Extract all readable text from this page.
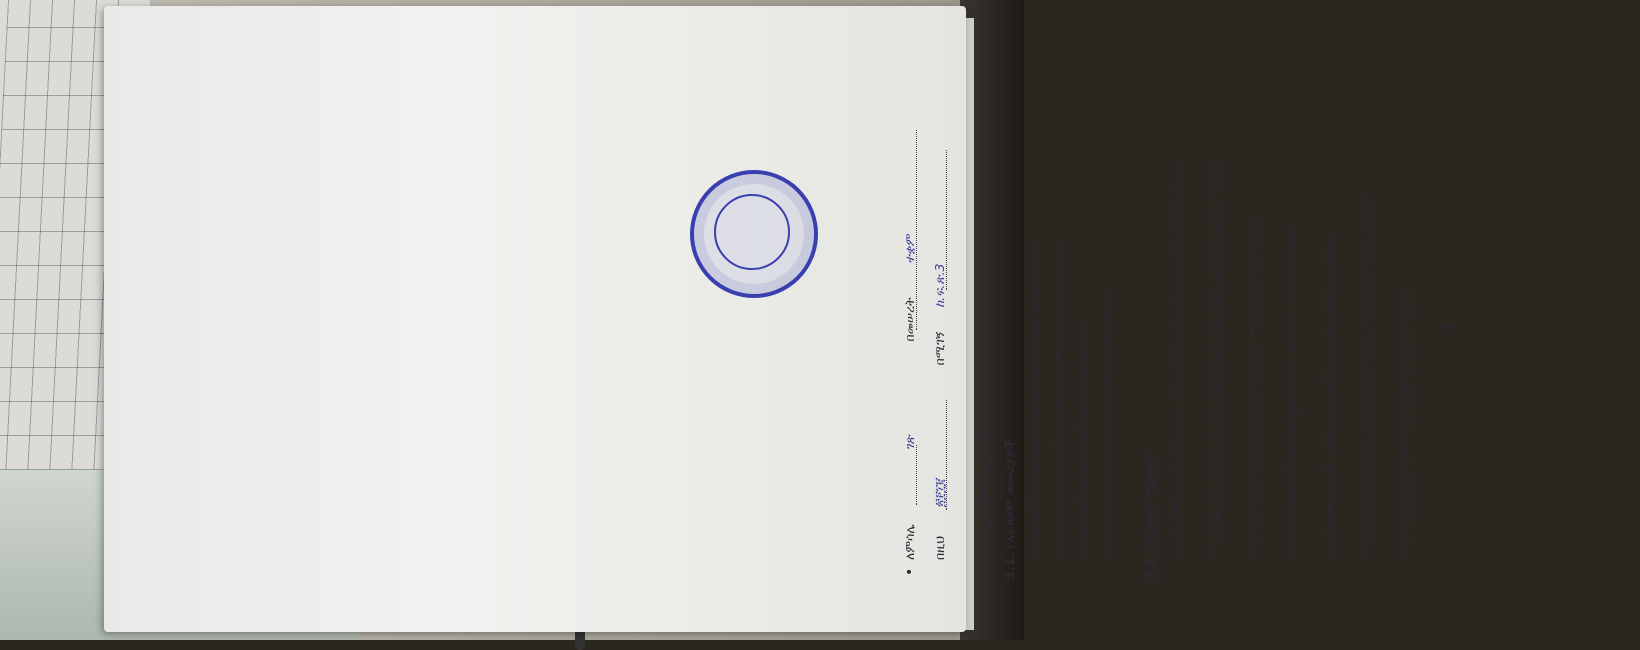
• ለምሳሌ ገጽ በመሠረት ተቋም
በዚህ ፳፻፲፪ በሚገኝ ከ.ፍ.ጽ.3
3. የሥራ አፈጻጸም መመሪያዎች 3.1. የአፈጻጸም መመሪያዎች • ውሳኔዎችን በጊዜ ገደቡ ማስተላለፍ፣ ድምፅ ያለው መረጃ ማቅረብ • የተሰጡትን ኃላፊነቶች በመረዳት መፈጸም፣ በአግባቡ ስራ መስራት • ከደንበኞች እና ከሠራተኞች ጋር ተባብሮ መሥራት • የሥራ ሂደትን በመከታተል ውጤታማ አፈጻጸም ማሳየት 3.2. የአፈጻጸም ግዴታዎች • የደንበኞችን ጥያቄዎች በወቅቱ ማስተናገድ እና በአግባቡ መመዝገብ፣ ምላሽ መስጠት • የተሰጡትን ሥራዎች በጥራት፣ በወቅቱ እና በተቀመጠው መስፈርት መሰረት ማከናወን • የሥራ መረጃዎችን በአግባቡ በመያዝ ሪፖርት ማቅረብ፣ ክትትል ማድረግ • ከሥራ ባልደረቦች ጋር ተቀናጅቶ መሥራት እና የሥራ ዲሲፕሊን ማክበር • የተቋሙን ንብረት በአግባቡ መጠቀምና መጠበቅ፣ ብክነትን መከላከል • የተቀመጡትን ደንቦችና መመሪያዎች በማክበር ሥራውን በታማኝነት መፈጸም • የሥራ አፈጻጸም ግምገማ በየጊዜው እንዲደረግ ማድረግ 2
